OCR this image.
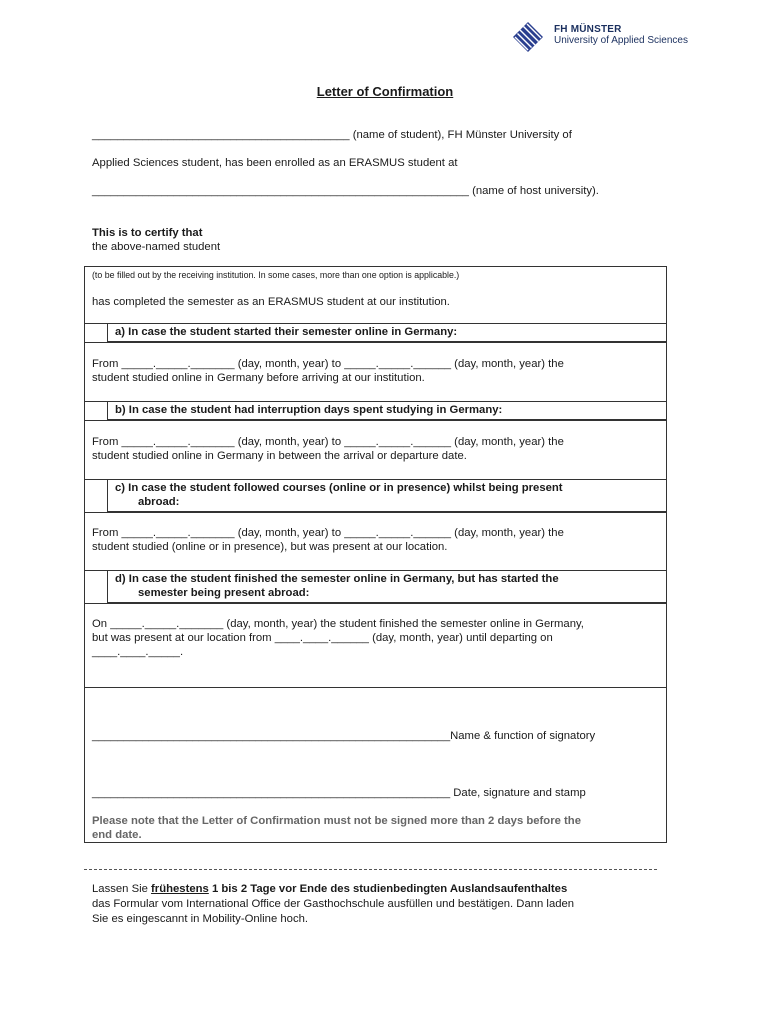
FH MÜNSTER
University of Applied Sciences
Letter of Confirmation
_________________________________________ (name of student), FH Münster University of
Applied Sciences student, has been enrolled as an ERASMUS student at
____________________________________________________________ (name of host university).
This is to certify that
the above-named student
(to be filled out by the receiving institution. In some cases, more than one option is applicable.)
has completed the semester as an ERASMUS student at our institution.
a) In case the student started their semester online in Germany:
From _____._____._______ (day, month, year) to _____._____.______ (day, month, year) the
student studied online in Germany before arriving at our institution.
b) In case the student had interruption days spent studying in Germany:
From _____._____._______ (day, month, year) to _____._____.______ (day, month, year) the
student studied online in Germany in between the arrival or departure date.
c) In case the student followed courses (online or in presence) whilst being present
abroad:
From _____._____._______ (day, month, year) to _____._____.______ (day, month, year) the
student studied (online or in presence), but was present at our location.
d) In case the student finished the semester online in Germany, but has started the
semester being present abroad:
On _____._____._______ (day, month, year) the student finished the semester online in Germany,
but was present at our location from ____.____.______ (day, month, year) until departing on
____.____._____.
_________________________________________________________Name & function of signatory
_________________________________________________________ Date, signature and stamp
Please note that the Letter of Confirmation must not be signed more than 2 days before the
end date.
Lassen Sie frühestens 1 bis 2 Tage vor Ende des studienbedingten Auslandsaufenthaltes
das Formular vom International Office der Gasthochschule ausfüllen und bestätigen. Dann laden
Sie es eingescannt in Mobility-Online hoch.
